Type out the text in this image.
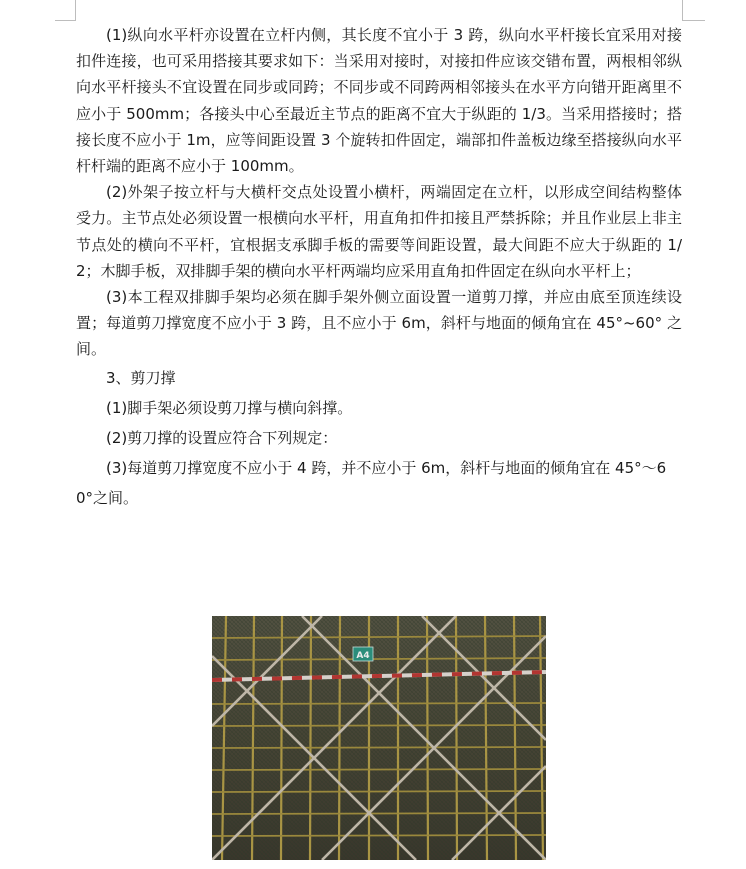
(1)纵向水平杆亦设置在立杆内侧，其长度不宜小于 3 跨，纵向水平杆接长宜采用对接扣件连接，也可采用搭接其要求如下：当采用对接时，对接扣件应该交错布置，两根相邻纵向水平杆接头不宜设置在同步或同跨；不同步或不同跨两相邻接头在水平方向错开距离里不应小于 500mm；各接头中心至最近主节点的距离不宜大于纵距的 1/3。当采用搭接时；搭接长度不应小于 1m，应等间距设置 3 个旋转扣件固定，端部扣件盖板边缘至搭接纵向水平杆杆端的距离不应小于 100mm。

(2)外架子按立杆与大横杆交点处设置小横杆，两端固定在立杆，以形成空间结构整体受力。主节点处必须设置一根横向水平杆，用直角扣件扣接且严禁拆除；并且作业层上非主节点处的横向不平杆，宜根据支承脚手板的需要等间距设置，最大间距不应大于纵距的 1/2；木脚手板，双排脚手架的横向水平杆两端均应采用直角扣件固定在纵向水平杆上；

(3)本工程双排脚手架均必须在脚手架外侧立面设置一道剪刀撑，并应由底至顶连续设置；每道剪刀撑宽度不应小于 3 跨，且不应小于 6m，斜杆与地面的倾角宜在 45°~60° 之间。

3、剪刀撑

(1)脚手架必须设剪刀撑与横向斜撑。

(2)剪刀撑的设置应符合下列规定：

(3)每道剪刀撑宽度不应小于 4 跨，并不应小于 6m，斜杆与地面的倾角宜在 45°～60°之间。

A4
